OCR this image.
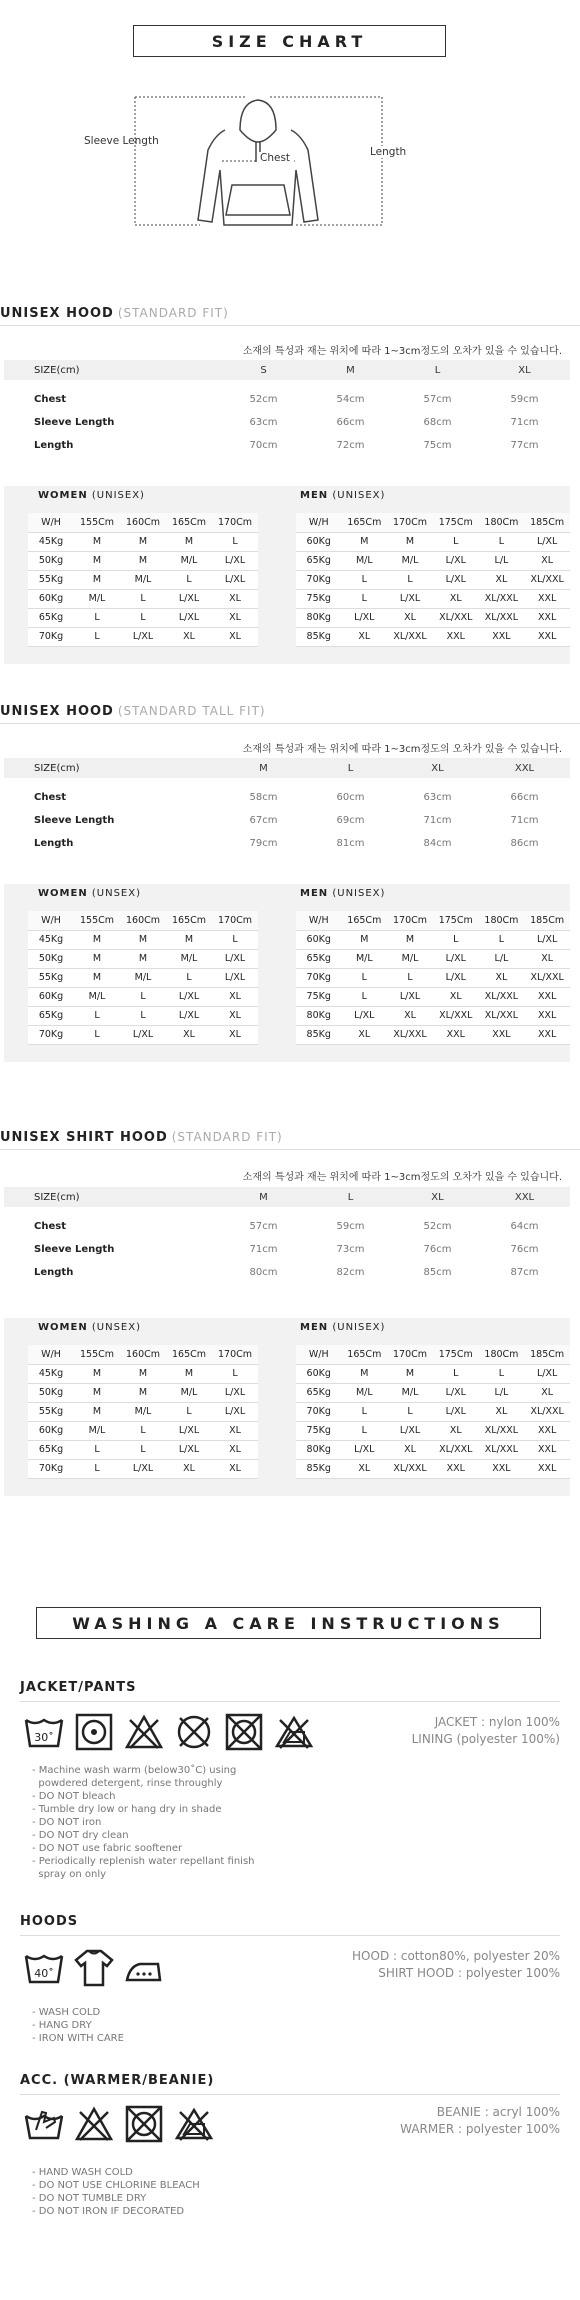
SIZE CHART
Sleeve Length
Chest	Length
UNISEX HOOD (STANDARD FIT)
소재의 특성과 재는 위치에 따라 1~3cm정도의 오차가 있을 수 있습니다.
SIZE(cm)	S	M	L	XL
Chest	52cm	54cm	57cm	59cm
Sleeve Length	63cm	66cm	68cm	71cm
Length	70cm	72cm	75cm	77cm
WOMEN (UNISEX)	MEN (UNISEX)
W/H	155Cm	160Cm	165Cm	170Cm
45Kg	M	M	M	L
50Kg	M	M	M/L	L/XL
55Kg	M	M/L	L	L/XL
60Kg	M/L	L	L/XL	XL
65Kg	L	L	L/XL	XL
70Kg	L	L/XL	XL	XL
W/H	165Cm	170Cm	175Cm	180Cm	185Cm
60Kg	M	M	L	L	L/XL
65Kg	M/L	M/L	L/XL	L/L	XL
70Kg	L	L	L/XL	XL	XL/XXL
75Kg	L	L/XL	XL	XL/XXL	XXL
80Kg	L/XL	XL	XL/XXL	XL/XXL	XXL
85Kg	XL	XL/XXL	XXL	XXL	XXL
UNISEX HOOD (STANDARD TALL FIT)
소재의 특성과 재는 위치에 따라 1~3cm정도의 오차가 있을 수 있습니다.
SIZE(cm)	M	L	XL	XXL
Chest	58cm	60cm	63cm	66cm
Sleeve Length	67cm	69cm	71cm	71cm
Length	79cm	81cm	84cm	86cm
WOMEN (UNSEX)	MEN (UNISEX)
W/H	155Cm	160Cm	165Cm	170Cm
45Kg	M	M	M	L
50Kg	M	M	M/L	L/XL
55Kg	M	M/L	L	L/XL
60Kg	M/L	L	L/XL	XL
65Kg	L	L	L/XL	XL
70Kg	L	L/XL	XL	XL
W/H	165Cm	170Cm	175Cm	180Cm	185Cm
60Kg	M	M	L	L	L/XL
65Kg	M/L	M/L	L/XL	L/L	XL
70Kg	L	L	L/XL	XL	XL/XXL
75Kg	L	L/XL	XL	XL/XXL	XXL
80Kg	L/XL	XL	XL/XXL	XL/XXL	XXL
85Kg	XL	XL/XXL	XXL	XXL	XXL
UNISEX SHIRT HOOD (STANDARD FIT)
소재의 특성과 재는 위치에 따라 1~3cm정도의 오차가 있을 수 있습니다.
SIZE(cm)	M	L	XL	XXL
Chest	57cm	59cm	52cm	64cm
Sleeve Length	71cm	73cm	76cm	76cm
Length	80cm	82cm	85cm	87cm
WOMEN (UNSEX)	MEN (UNISEX)
W/H	155Cm	160Cm	165Cm	170Cm
45Kg	M	M	M	L
50Kg	M	M	M/L	L/XL
55Kg	M	M/L	L	L/XL
60Kg	M/L	L	L/XL	XL
65Kg	L	L	L/XL	XL
70Kg	L	L/XL	XL	XL
W/H	165Cm	170Cm	175Cm	180Cm	185Cm
60Kg	M	M	L	L	L/XL
65Kg	M/L	M/L	L/XL	L/L	XL
70Kg	L	L	L/XL	XL	XL/XXL
75Kg	L	L/XL	XL	XL/XXL	XXL
80Kg	L/XL	XL	XL/XXL	XL/XXL	XXL
85Kg	XL	XL/XXL	XXL	XXL	XXL
WASHING A CARE INSTRUCTIONS
JACKET/PANTS
JACKET : nylon 100%
LINING (polyester 100%)
30˚
- Machine wash warm (below30˚C) using
powdered detergent, rinse throughly
- DO NOT bleach
- Tumble dry low or hang dry in shade
- DO NOT iron
- DO NOT dry clean
- DO NOT use fabric sooftener
- Periodically replenish water repellant finish
spray on only
HOODS
HOOD : cotton80%, polyester 20%
SHIRT HOOD : polyester 100%
40˚
- WASH COLD
- HANG DRY
- IRON WITH CARE
ACC. (WARMER/BEANIE)
BEANIE : acryl 100%
WARMER : polyester 100%
- HAND WASH COLD
- DO NOT USE CHLORINE BLEACH
- DO NOT TUMBLE DRY
- DO NOT IRON IF DECORATED
